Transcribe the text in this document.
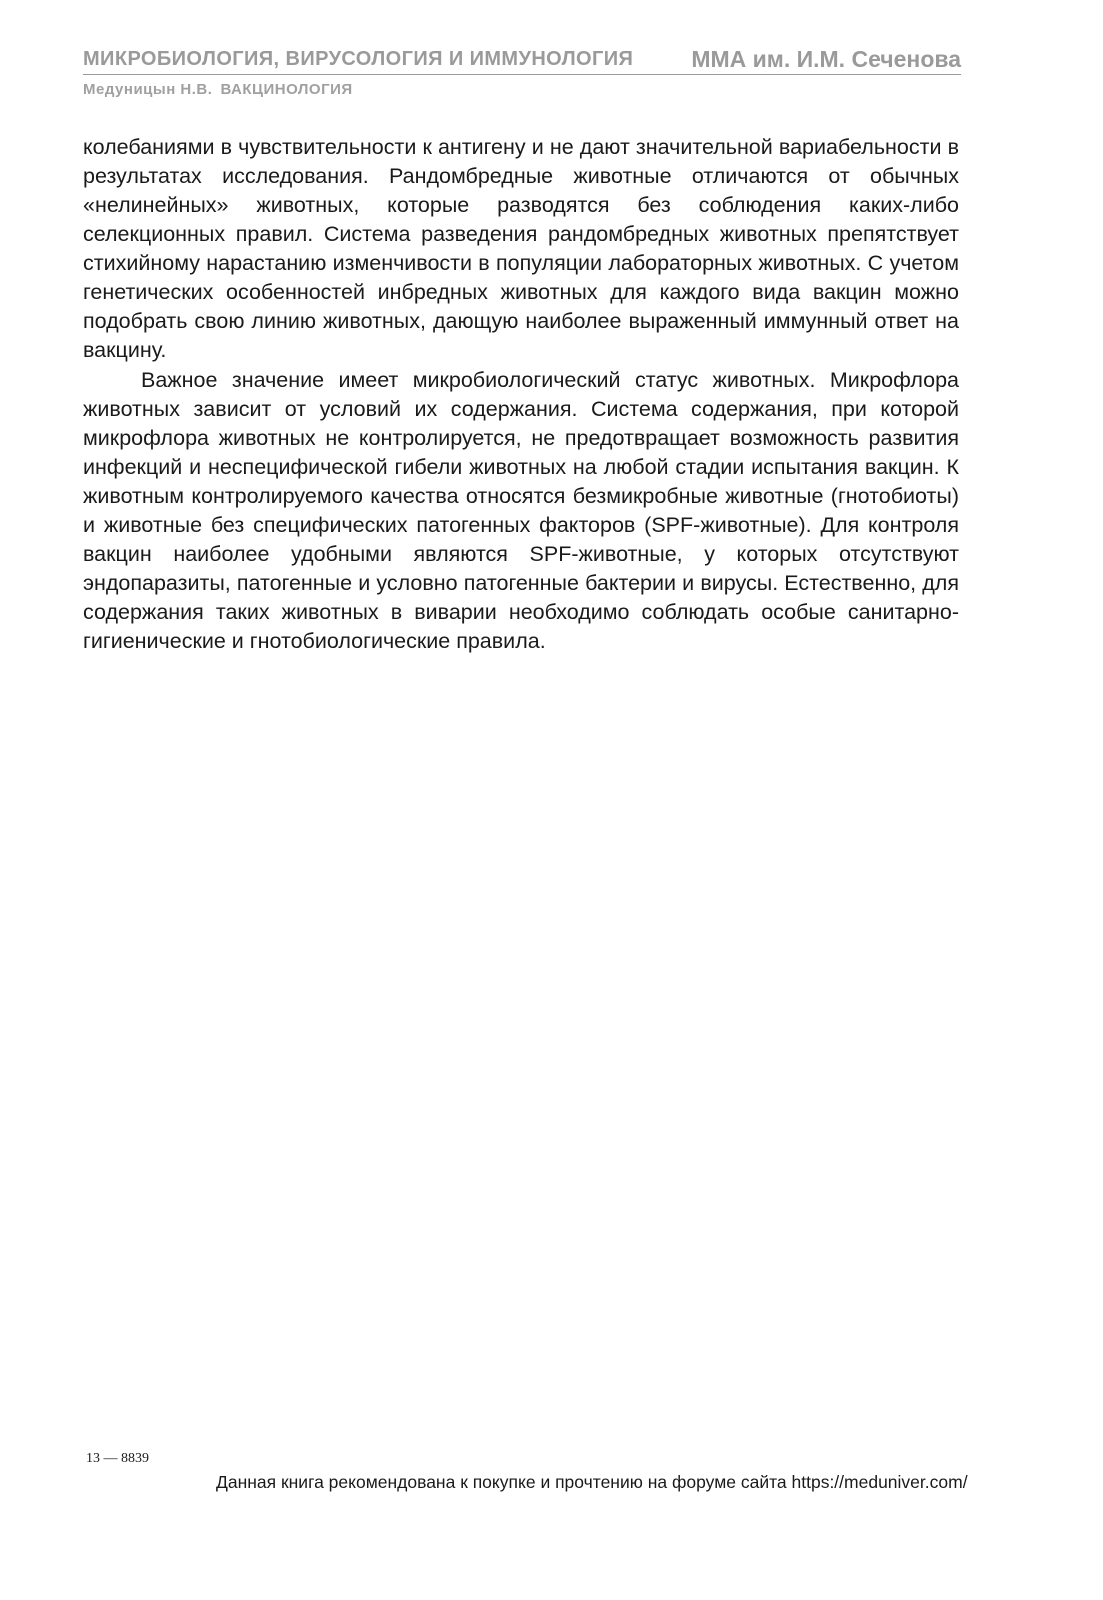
МИКРОБИОЛОГИЯ, ВИРУСОЛОГИЯ И ИММУНОЛОГИЯ	ММА им. И.М. Сеченова
Медуницын Н.В. ВАКЦИНОЛОГИЯ

колебаниями в чувствительности к антигену и не дают значительной вариабельности в результатах исследования. Рандомбредные животные отличаются от обычных «нелинейных» животных, которые разводятся без соблюдения каких-либо селекционных правил. Система разведения рандомбредных животных препятствует стихийному нарастанию изменчивости в популяции лабораторных животных. С учетом генетических особенностей инбредных животных для каждого вида вакцин можно подобрать свою линию животных, дающую наиболее выраженный иммунный ответ на вакцину.

Важное значение имеет микробиологический статус животных. Микрофлора животных зависит от условий их содержания. Система содержания, при которой микрофлора животных не контролируется, не предотвращает возможность развития инфекций и неспецифической гибели животных на любой стадии испытания вакцин. К животным контролируемого качества относятся безмикробные животные (гнотобиоты) и животные без специфических патогенных факторов (SPF-животные). Для контроля вакцин наиболее удобными являются SPF-животные, у которых отсутствуют эндопаразиты, патогенные и условно патогенные бактерии и вирусы. Естественно, для содержания таких животных в виварии необходимо соблюдать особые санитарно-гигиенические и гнотобиологические правила.

13 — 8839
Данная книга рекомендована к покупке и прочтению на форуме сайта https://meduniver.com/
